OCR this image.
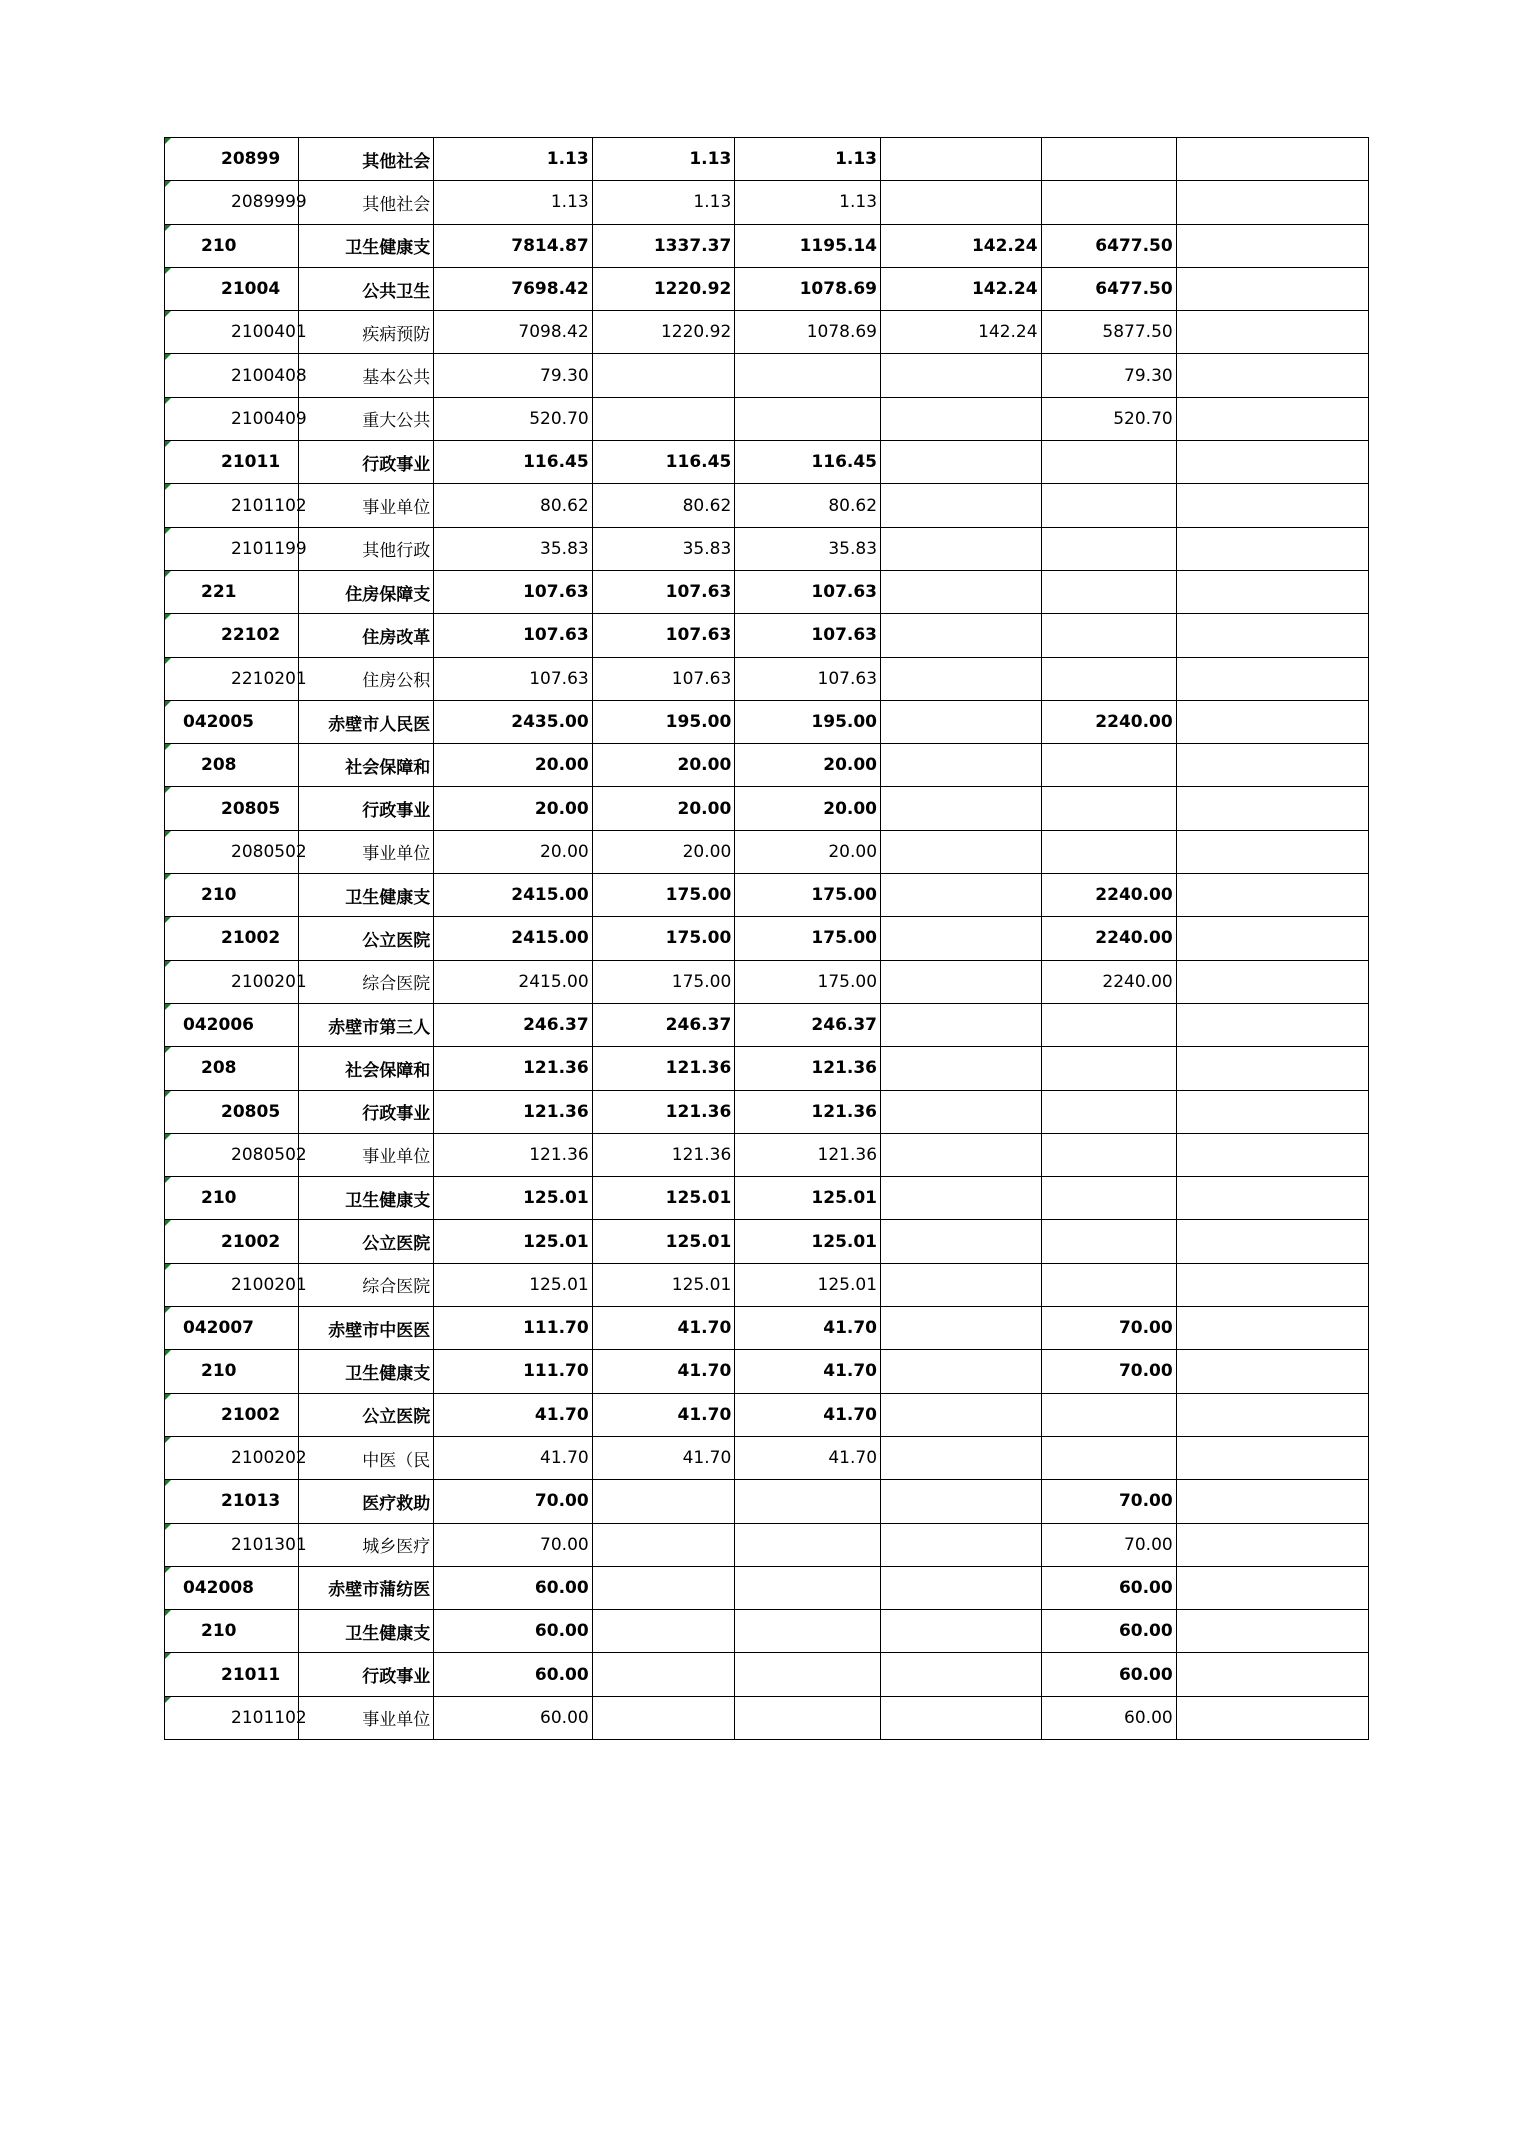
20899	其他社会	1.13	1.13	1.13			
2089999	其他社会	1.13	1.13	1.13			
210	卫生健康支	7814.87	1337.37	1195.14	142.24	6477.50	
21004	公共卫生	7698.42	1220.92	1078.69	142.24	6477.50	
2100401	疾病预防	7098.42	1220.92	1078.69	142.24	5877.50	
2100408	基本公共	79.30				79.30	
2100409	重大公共	520.70				520.70	
21011	行政事业	116.45	116.45	116.45			
2101102	事业单位	80.62	80.62	80.62			
2101199	其他行政	35.83	35.83	35.83			
221	住房保障支	107.63	107.63	107.63			
22102	住房改革	107.63	107.63	107.63			
2210201	住房公积	107.63	107.63	107.63			
042005	赤壁市人民医	2435.00	195.00	195.00		2240.00	
208	社会保障和	20.00	20.00	20.00			
20805	行政事业	20.00	20.00	20.00			
2080502	事业单位	20.00	20.00	20.00			
210	卫生健康支	2415.00	175.00	175.00		2240.00	
21002	公立医院	2415.00	175.00	175.00		2240.00	
2100201	综合医院	2415.00	175.00	175.00		2240.00	
042006	赤壁市第三人	246.37	246.37	246.37			
208	社会保障和	121.36	121.36	121.36			
20805	行政事业	121.36	121.36	121.36			
2080502	事业单位	121.36	121.36	121.36			
210	卫生健康支	125.01	125.01	125.01			
21002	公立医院	125.01	125.01	125.01			
2100201	综合医院	125.01	125.01	125.01			
042007	赤壁市中医医	111.70	41.70	41.70		70.00	
210	卫生健康支	111.70	41.70	41.70		70.00	
21002	公立医院	41.70	41.70	41.70			
2100202	中医（民	41.70	41.70	41.70			
21013	医疗救助	70.00				70.00	
2101301	城乡医疗	70.00				70.00	
042008	赤壁市蒲纺医	60.00				60.00	
210	卫生健康支	60.00				60.00	
21011	行政事业	60.00				60.00	
2101102	事业单位	60.00				60.00	
